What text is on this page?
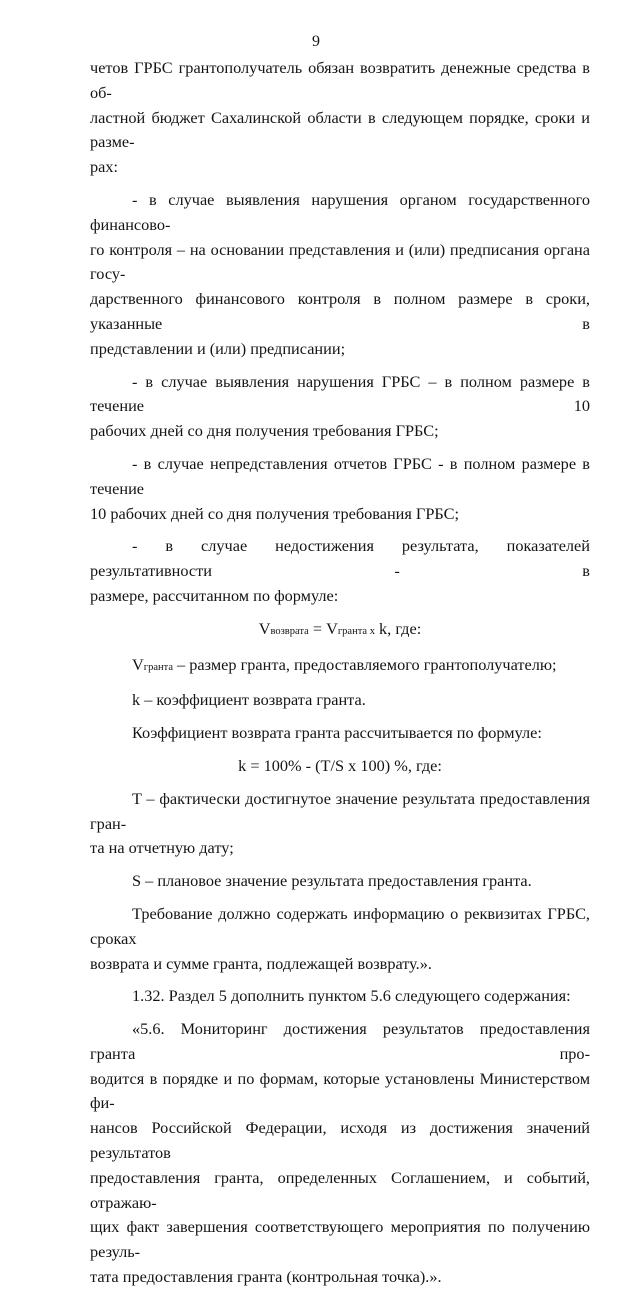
9

четов ГРБС грантополучатель обязан возвратить денежные средства в об-
ластной бюджет Сахалинской области в следующем порядке, сроки и разме-
рах:

- в случае выявления нарушения органом государственного финансово-
го контроля – на основании представления и (или) предписания органа госу-
дарственного финансового контроля в полном размере в сроки, указанные в
представлении и (или) предписании;

- в случае выявления нарушения ГРБС – в полном размере в течение 10
рабочих дней со дня получения требования ГРБС;

- в случае непредставления отчетов ГРБС - в полном размере в течение
10 рабочих дней со дня получения требования ГРБС;

- в случае недостижения результата, показателей результативности - в
размере, рассчитанном по формуле:

Vвозврата = Vгранта x k, где:

Vгранта – размер гранта, предоставляемого грантополучателю;

k – коэффициент возврата гранта.

Коэффициент возврата гранта рассчитывается по формуле:

k = 100% - (T/S x 100) %, где:

T – фактически достигнутое значение результата предоставления гран-
та на отчетную дату;

S – плановое значение результата предоставления гранта.

Требование должно содержать информацию о реквизитах ГРБС, сроках
возврата и сумме гранта, подлежащей возврату.».

1.32. Раздел 5 дополнить пунктом 5.6 следующего содержания:

«5.6. Мониторинг достижения результатов предоставления гранта про-
водится в порядке и по формам, которые установлены Министерством фи-
нансов Российской Федерации, исходя из достижения значений результатов
предоставления гранта, определенных Соглашением, и событий, отражаю-
щих факт завершения соответствующего мероприятия по получению резуль-
тата предоставления гранта (контрольная точка).».
